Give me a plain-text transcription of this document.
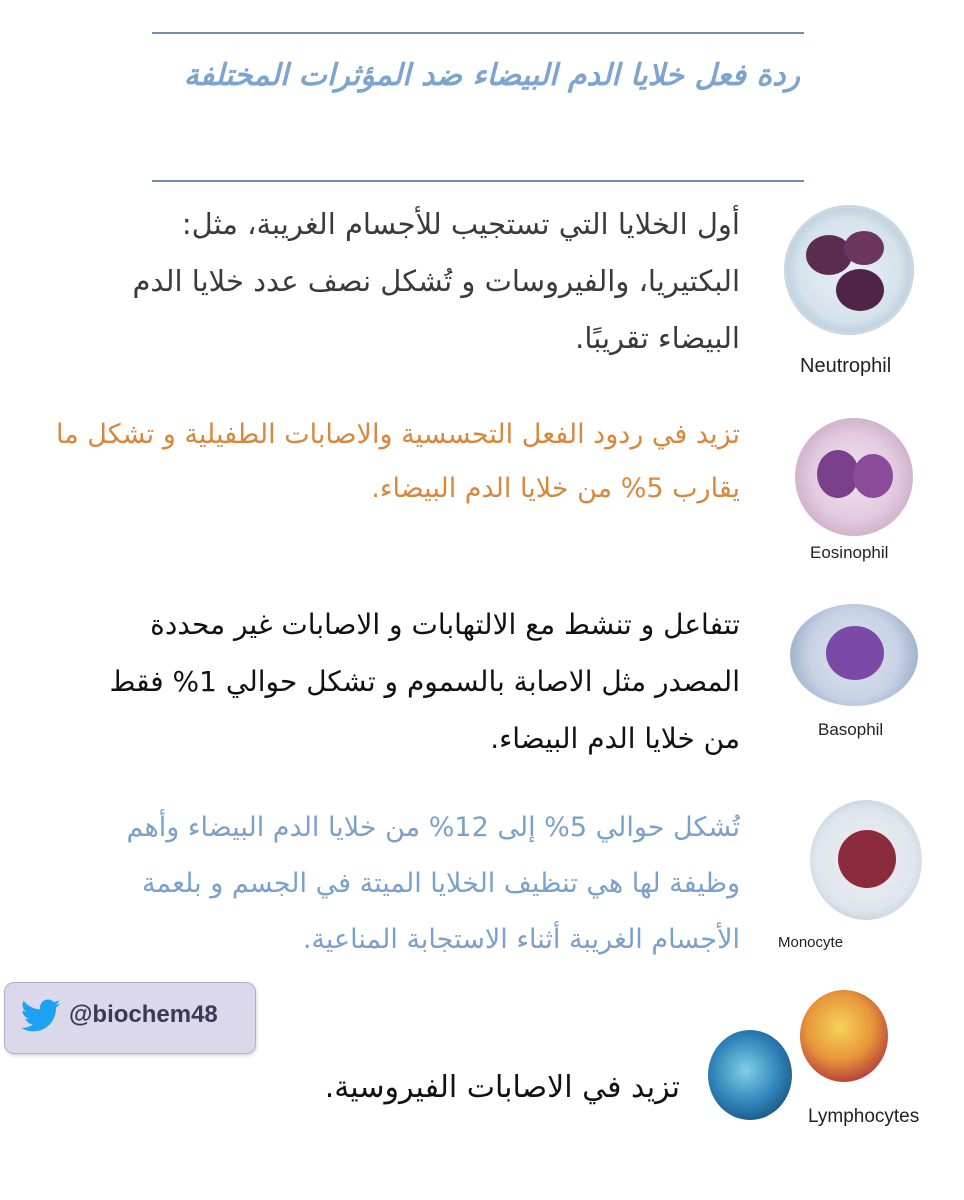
ردة فعل خلايا الدم البيضاء ضد المؤثرات المختلفة
أول الخلايا التي تستجيب للأجسام الغريبة، مثل: البكتيريا، والفيروسات و تُشكل نصف عدد خلايا الدم البيضاء تقريبًا.
Neutrophil
تزيد في ردود الفعل التحسسية والاصابات الطفيلية و تشكل ما يقارب 5% من خلايا الدم البيضاء.
Eosinophil
تتفاعل و تنشط مع الالتهابات و الاصابات غير محددة المصدر مثل الاصابة بالسموم و تشكل حوالي 1% فقط من خلايا الدم البيضاء.	Basophil
تُشكل حوالي 5% إلى 12% من خلايا الدم البيضاء وأهم وظيفة لها هي تنظيف الخلايا الميتة في الجسم و بلعمة الأجسام الغريبة أثناء الاستجابة المناعية.	Monocyte
تزيد في الاصابات الفيروسية.
Lymphocytes
@biochem48
